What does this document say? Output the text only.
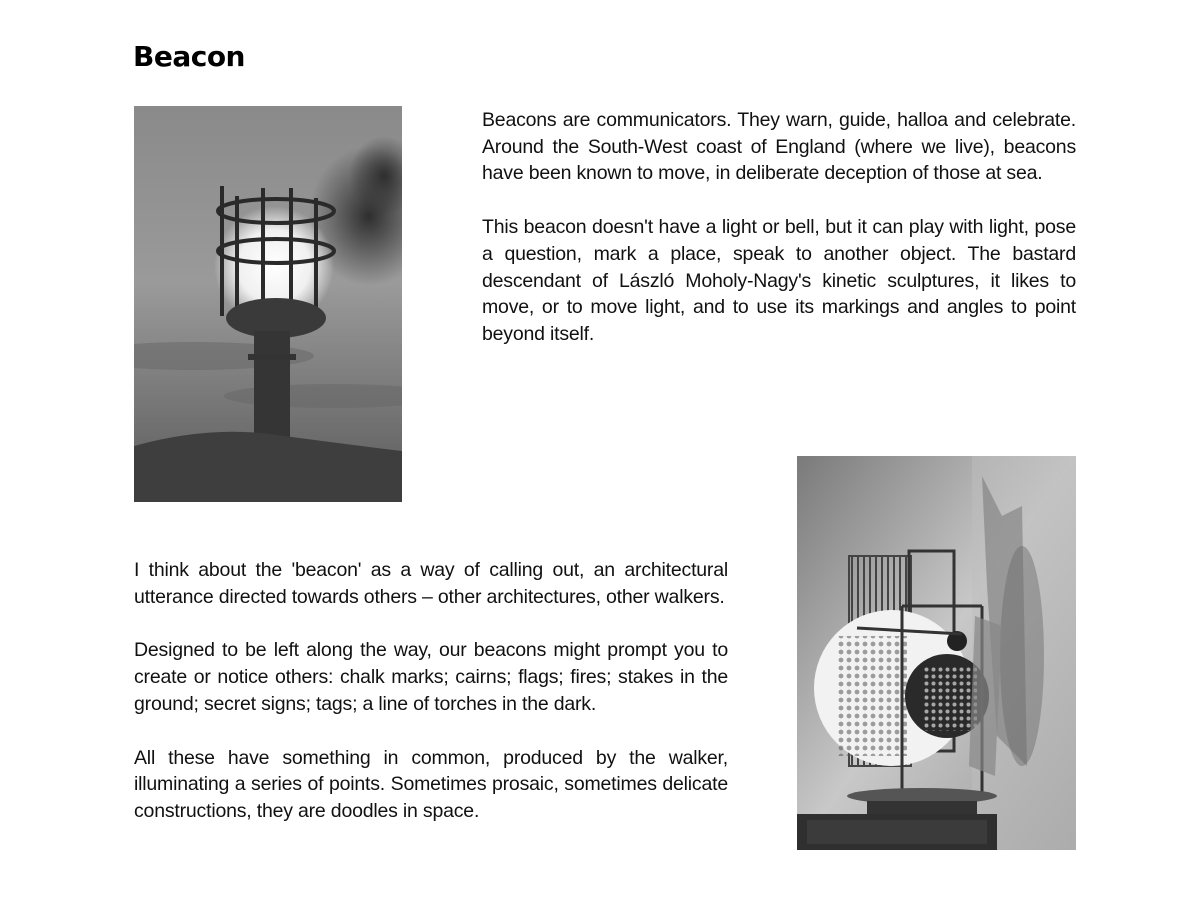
Beacon

Beacons are communicators. They warn, guide, halloa and celebrate. Around the South-West coast of England (where we live), beacons have been known to move, in deliberate deception of those at sea.

This beacon doesn't have a light or bell, but it can play with light, pose a question, mark a place, speak to another object. The bastard descendant of László Moholy-Nagy's kinetic sculptures, it likes to move, or to move light, and to use its markings and angles to point beyond itself.

I think about the 'beacon' as a way of calling out, an architectural utterance directed towards others – other architectures, other walkers.

Designed to be left along the way, our beacons might prompt you to create or notice others: chalk marks; cairns; flags; fires; stakes in the ground; secret signs; tags; a line of torches in the dark.

All these have something in common, produced by the walker, illuminating a series of points. Sometimes prosaic, sometimes delicate constructions, they are doodles in space.
